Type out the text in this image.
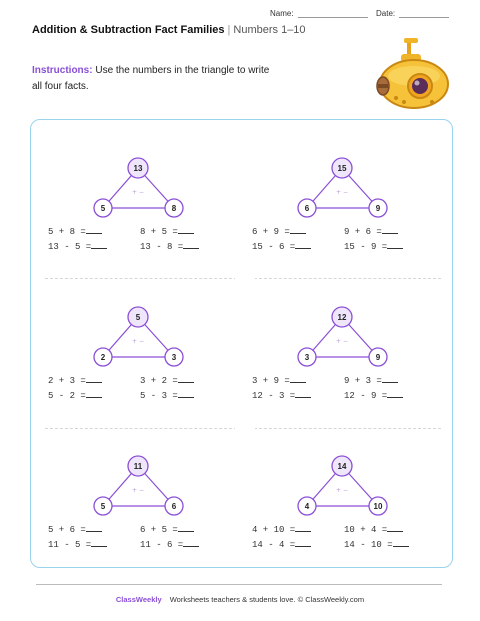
Name:	Date:
Addition & Subtraction Fact Families | Numbers 1–10
Instructions: Use the numbers in the triangle to write all four facts.
+ −
13
5	8
5 + 8 =	8 + 5 =
13 - 5 =	13 - 8 =
+ −
15
6	9
6 + 9 =	9 + 6 =
15 - 6 =	15 - 9 =
+ −
5
2	3
2 + 3 =	3 + 2 =
5 - 2 =	5 - 3 =
+ −
12
3	9
3 + 9 =	9 + 3 =
12 - 3 =	12 - 9 =
+ −
11
5	6
5 + 6 =	6 + 5 =
11 - 5 =	11 - 6 =
+ −
14
4	10
4 + 10 =	10 + 4 =
14 - 4 =	14 - 10 =
ClassWeekly Worksheets teachers & students love. © ClassWeekly.com
